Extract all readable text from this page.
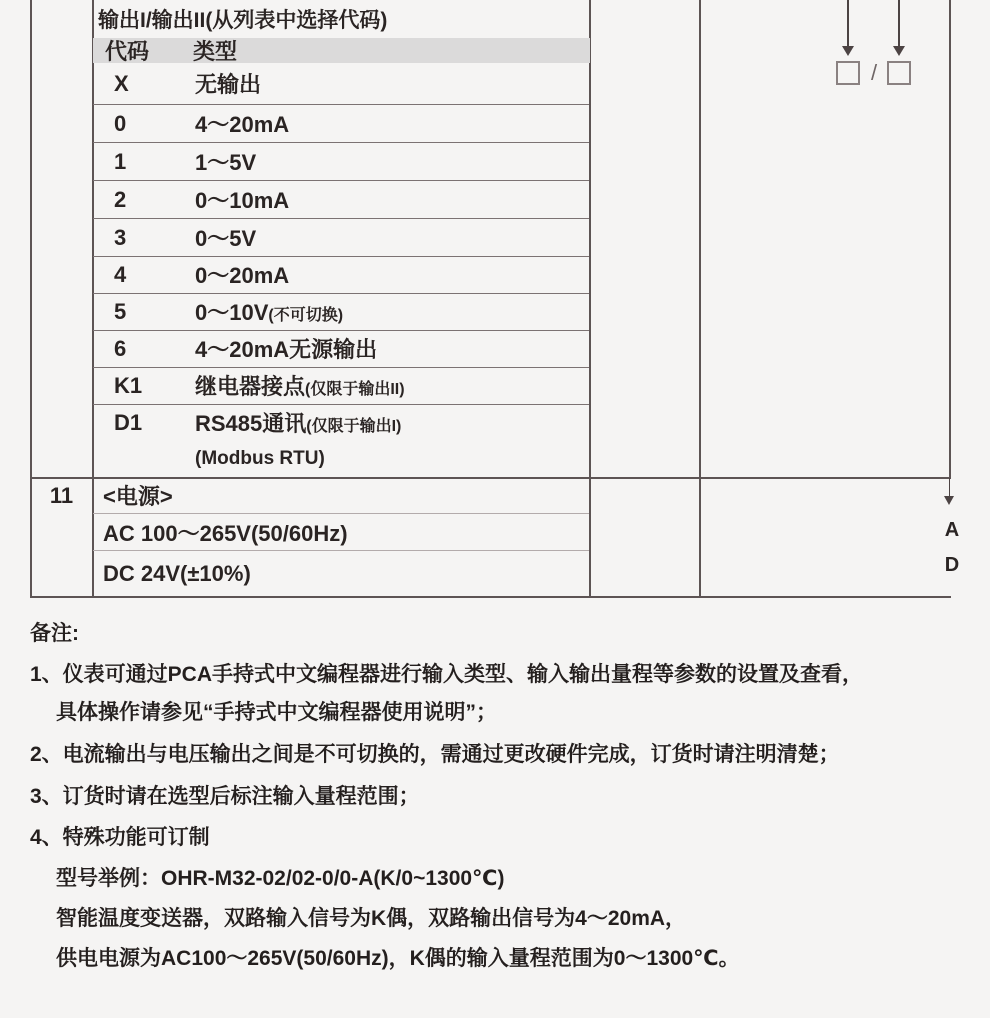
输出I/输出II(从列表中选择代码)
代码	类型
X	无输出
0	4～20mA
1	1～5V
2	0～10mA
3	0～5V
4	0～20mA
5	0～10V(不可切换)
6	4～20mA无源输出
K1	继电器接点(仅限于输出II)
D1	RS485通讯(仅限于输出I)
(Modbus RTU)
11	<电源>
AC 100～265V(50/60Hz)
DC 24V(±10%)
/
A
D
备注:
1、仪表可通过PCA手持式中文编程器进行输入类型、输入输出量程等参数的设置及查看，
具体操作请参见“手持式中文编程器使用说明”；
2、电流输出与电压输出之间是不可切换的，需通过更改硬件完成，订货时请注明清楚；
3、订货时请在选型后标注输入量程范围；
4、特殊功能可订制
型号举例：OHR-M32-02/02-0/0-A(K/0~1300℃)
智能温度变送器，双路输入信号为K偶，双路输出信号为4～20mA，
供电电源为AC100～265V(50/60Hz)，K偶的输入量程范围为0～1300℃。
